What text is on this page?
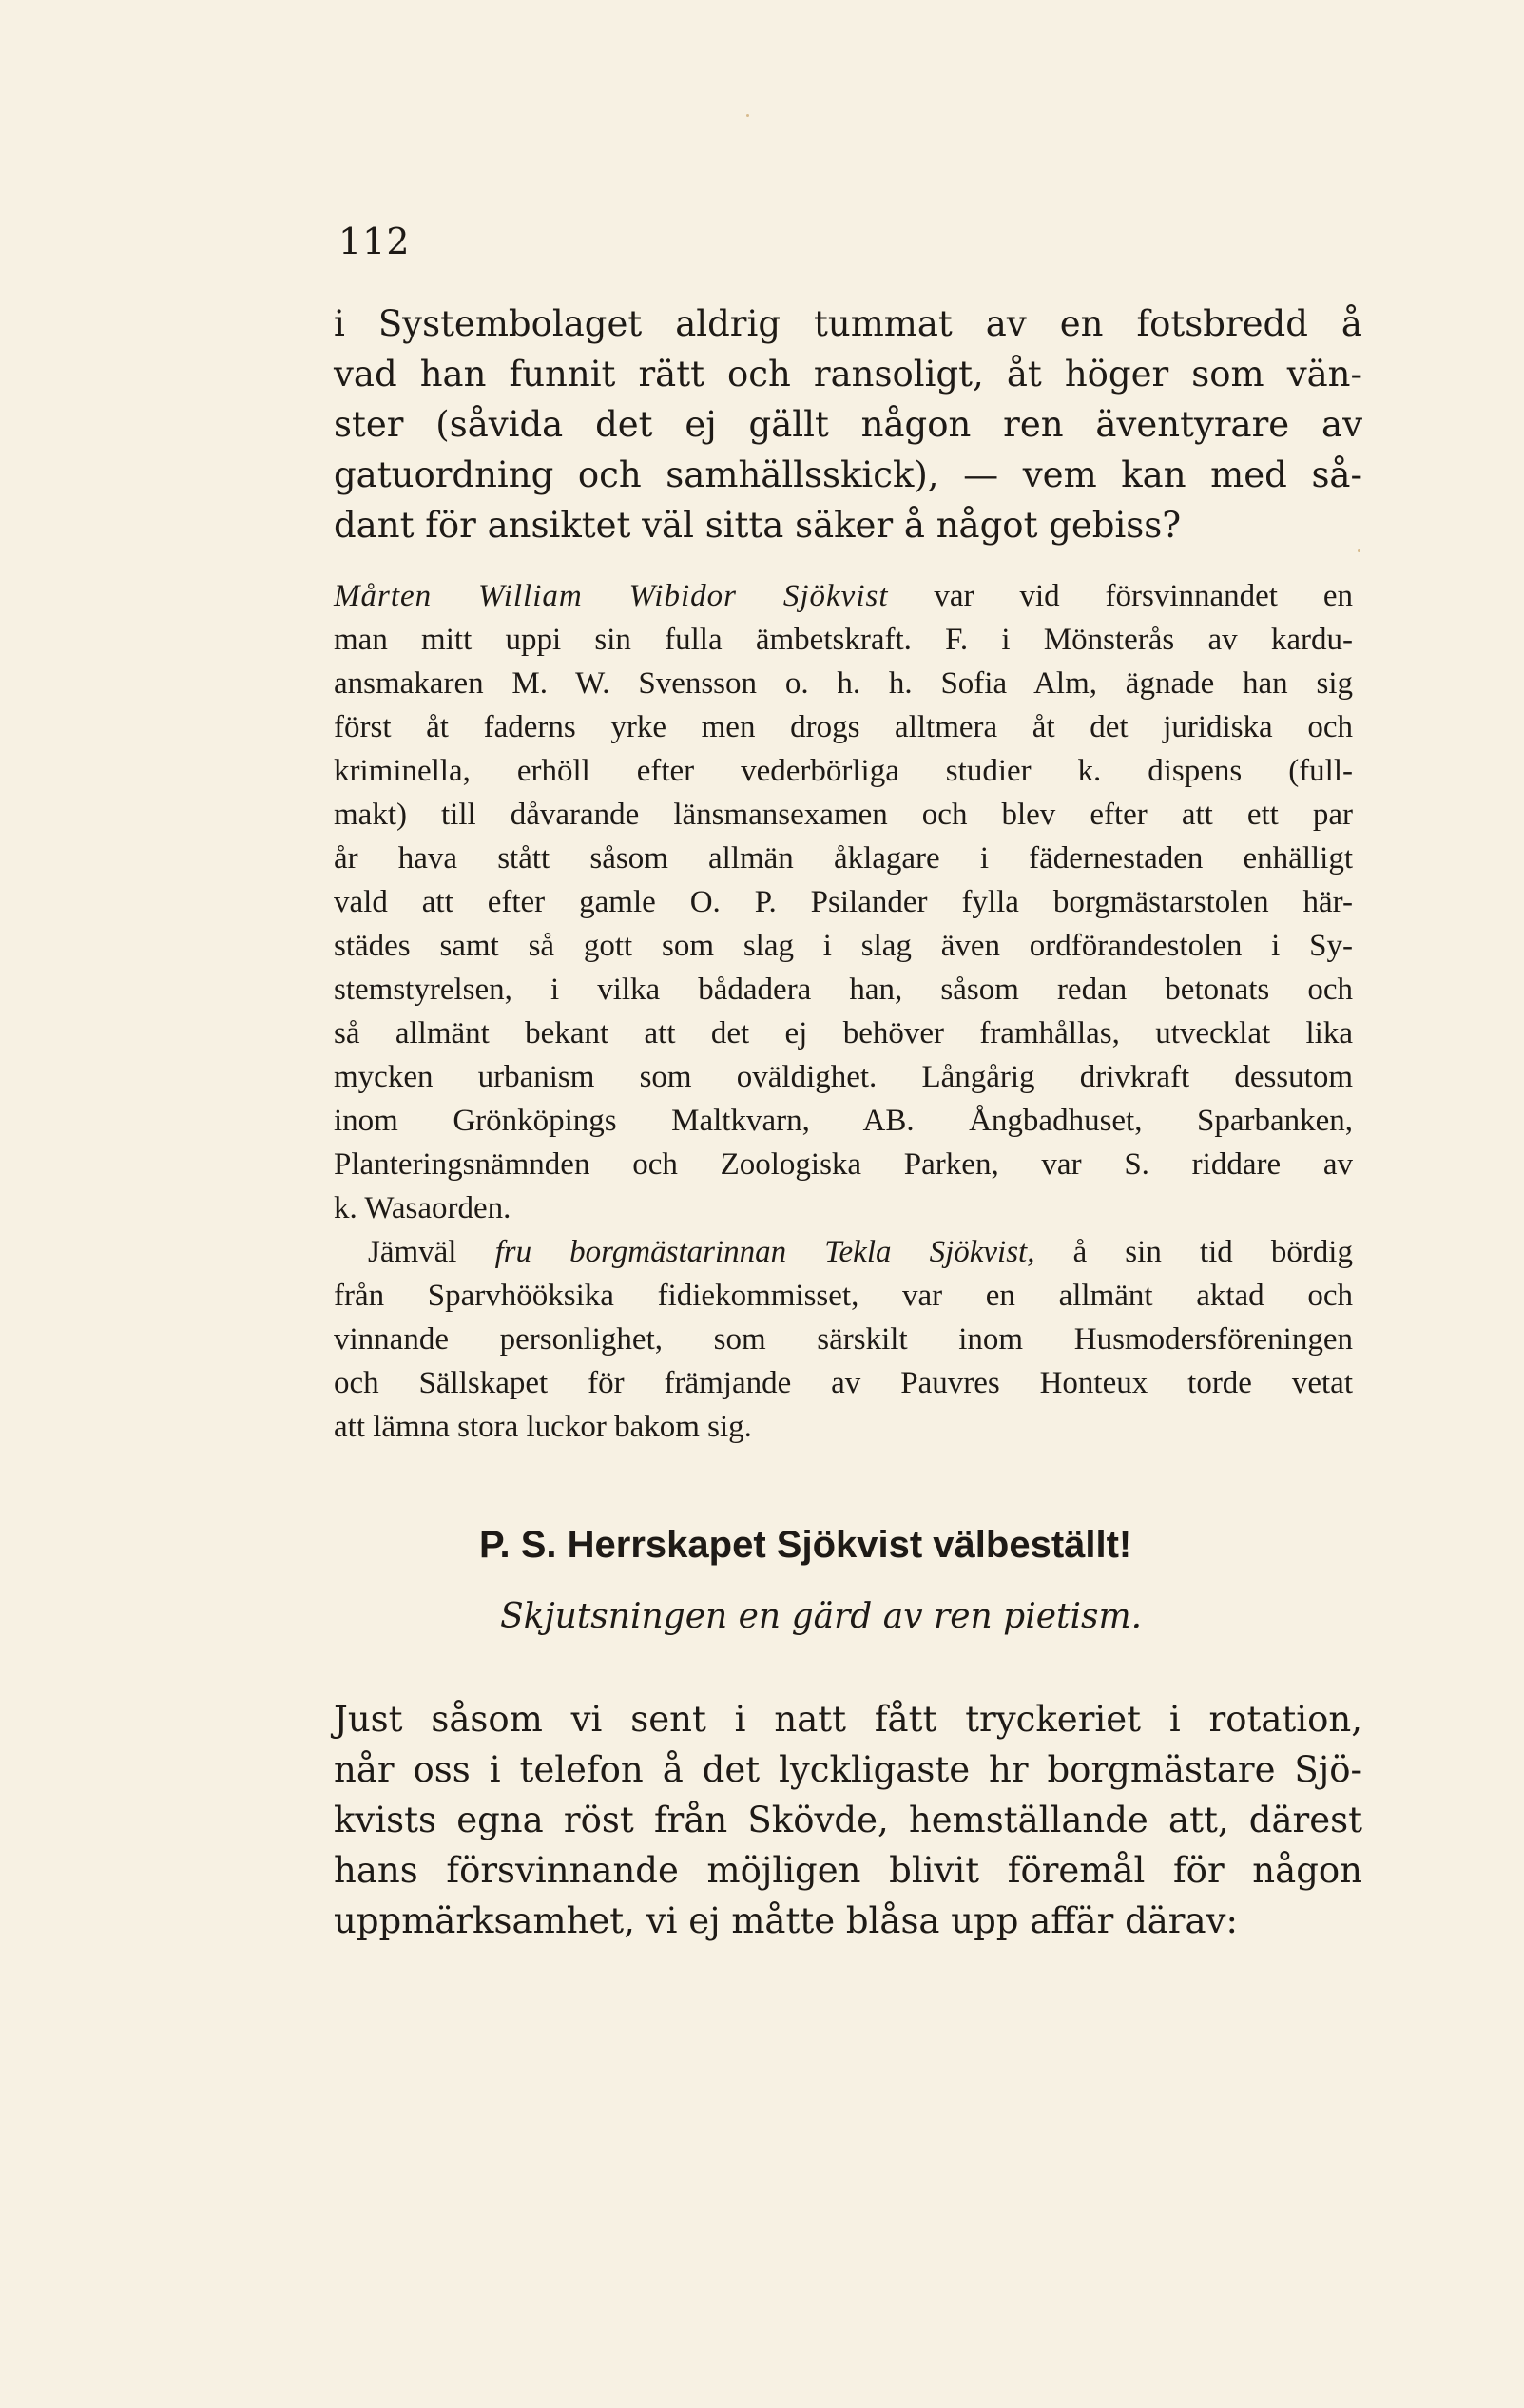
112
i Systembolaget aldrig tummat av en fotsbredd å
vad han funnit rätt och ransoligt, åt höger som vän-
ster (såvida det ej gällt någon ren äventyrare av
gatuordning och samhällsskick), — vem kan med så-
dant för ansiktet väl sitta säker å något gebiss?
Mårten William Wibidor Sjökvist var vid försvinnandet en
man mitt uppi sin fulla ämbetskraft. F. i Mönsterås av kardu-
ansmakaren M. W. Svensson o. h. h. Sofia Alm, ägnade han sig
först åt faderns yrke men drogs alltmera åt det juridiska och
kriminella, erhöll efter vederbörliga studier k. dispens (full-
makt) till dåvarande länsmansexamen och blev efter att ett par
år hava stått såsom allmän åklagare i fädernestaden enhälligt
vald att efter gamle O. P. Psilander fylla borgmästarstolen här-
städes samt så gott som slag i slag även ordförandestolen i Sy-
stemstyrelsen, i vilka bådadera han, såsom redan betonats och
så allmänt bekant att det ej behöver framhållas, utvecklat lika
mycken urbanism som oväldighet. Långårig drivkraft dessutom
inom Grönköpings Maltkvarn, AB. Ångbadhuset, Sparbanken,
Planteringsnämnden och Zoologiska Parken, var S. riddare av
k. Wasaorden.
Jämväl fru borgmästarinnan Tekla Sjökvist, å sin tid bördig
från Sparvhööksika fidiekommisset, var en allmänt aktad och
vinnande personlighet, som särskilt inom Husmodersföreningen
och Sällskapet för främjande av Pauvres Honteux torde vetat
att lämna stora luckor bakom sig.
P. S. Herrskapet Sjökvist välbeställt!
Skjutsningen en gärd av ren pietism.
Just såsom vi sent i natt fått tryckeriet i rotation,
når oss i telefon å det lyckligaste hr borgmästare Sjö-
kvists egna röst från Skövde, hemställande att, därest
hans försvinnande möjligen blivit föremål för någon
uppmärksamhet, vi ej måtte blåsa upp affär därav:
